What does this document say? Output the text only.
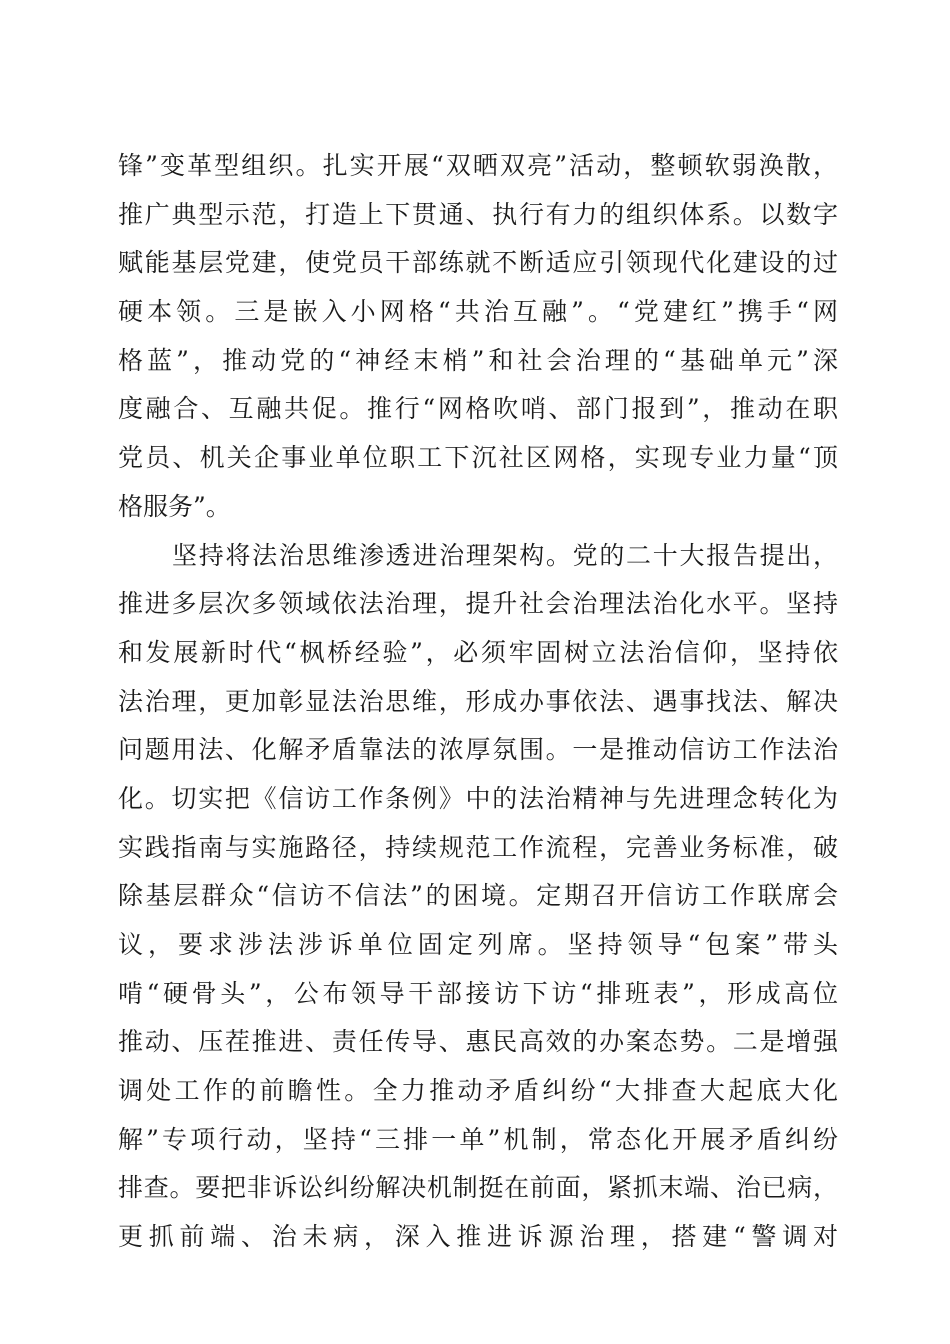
锋”变革型组织。扎实开展“双晒双亮”活动，整顿软弱涣散，
推广典型示范，打造上下贯通、执行有力的组织体系。以数字
赋能基层党建，使党员干部练就不断适应引领现代化建设的过
硬本领。三是嵌入小网格“共治互融”。“党建红”携手“网
格蓝”，推动党的“神经末梢”和社会治理的“基础单元”深
度融合、互融共促。推行“网格吹哨、部门报到”，推动在职
党员、机关企事业单位职工下沉社区网格，实现专业力量“顶
格服务”。
坚持将法治思维渗透进治理架构。党的二十大报告提出，
推进多层次多领域依法治理，提升社会治理法治化水平。坚持
和发展新时代“枫桥经验”，必须牢固树立法治信仰，坚持依
法治理，更加彰显法治思维，形成办事依法、遇事找法、解决
问题用法、化解矛盾靠法的浓厚氛围。一是推动信访工作法治
化。切实把《信访工作条例》中的法治精神与先进理念转化为
实践指南与实施路径，持续规范工作流程，完善业务标准，破
除基层群众“信访不信法”的困境。定期召开信访工作联席会
议，要求涉法涉诉单位固定列席。坚持领导“包案”带头
啃“硬骨头”，公布领导干部接访下访“排班表”，形成高位
推动、压茬推进、责任传导、惠民高效的办案态势。二是增强
调处工作的前瞻性。全力推动矛盾纠纷“大排查大起底大化
解”专项行动，坚持“三排一单”机制，常态化开展矛盾纠纷
排查。要把非诉讼纠纷解决机制挺在前面，紧抓末端、治已病，
更抓前端、治未病，深入推进诉源治理，搭建“警调对
